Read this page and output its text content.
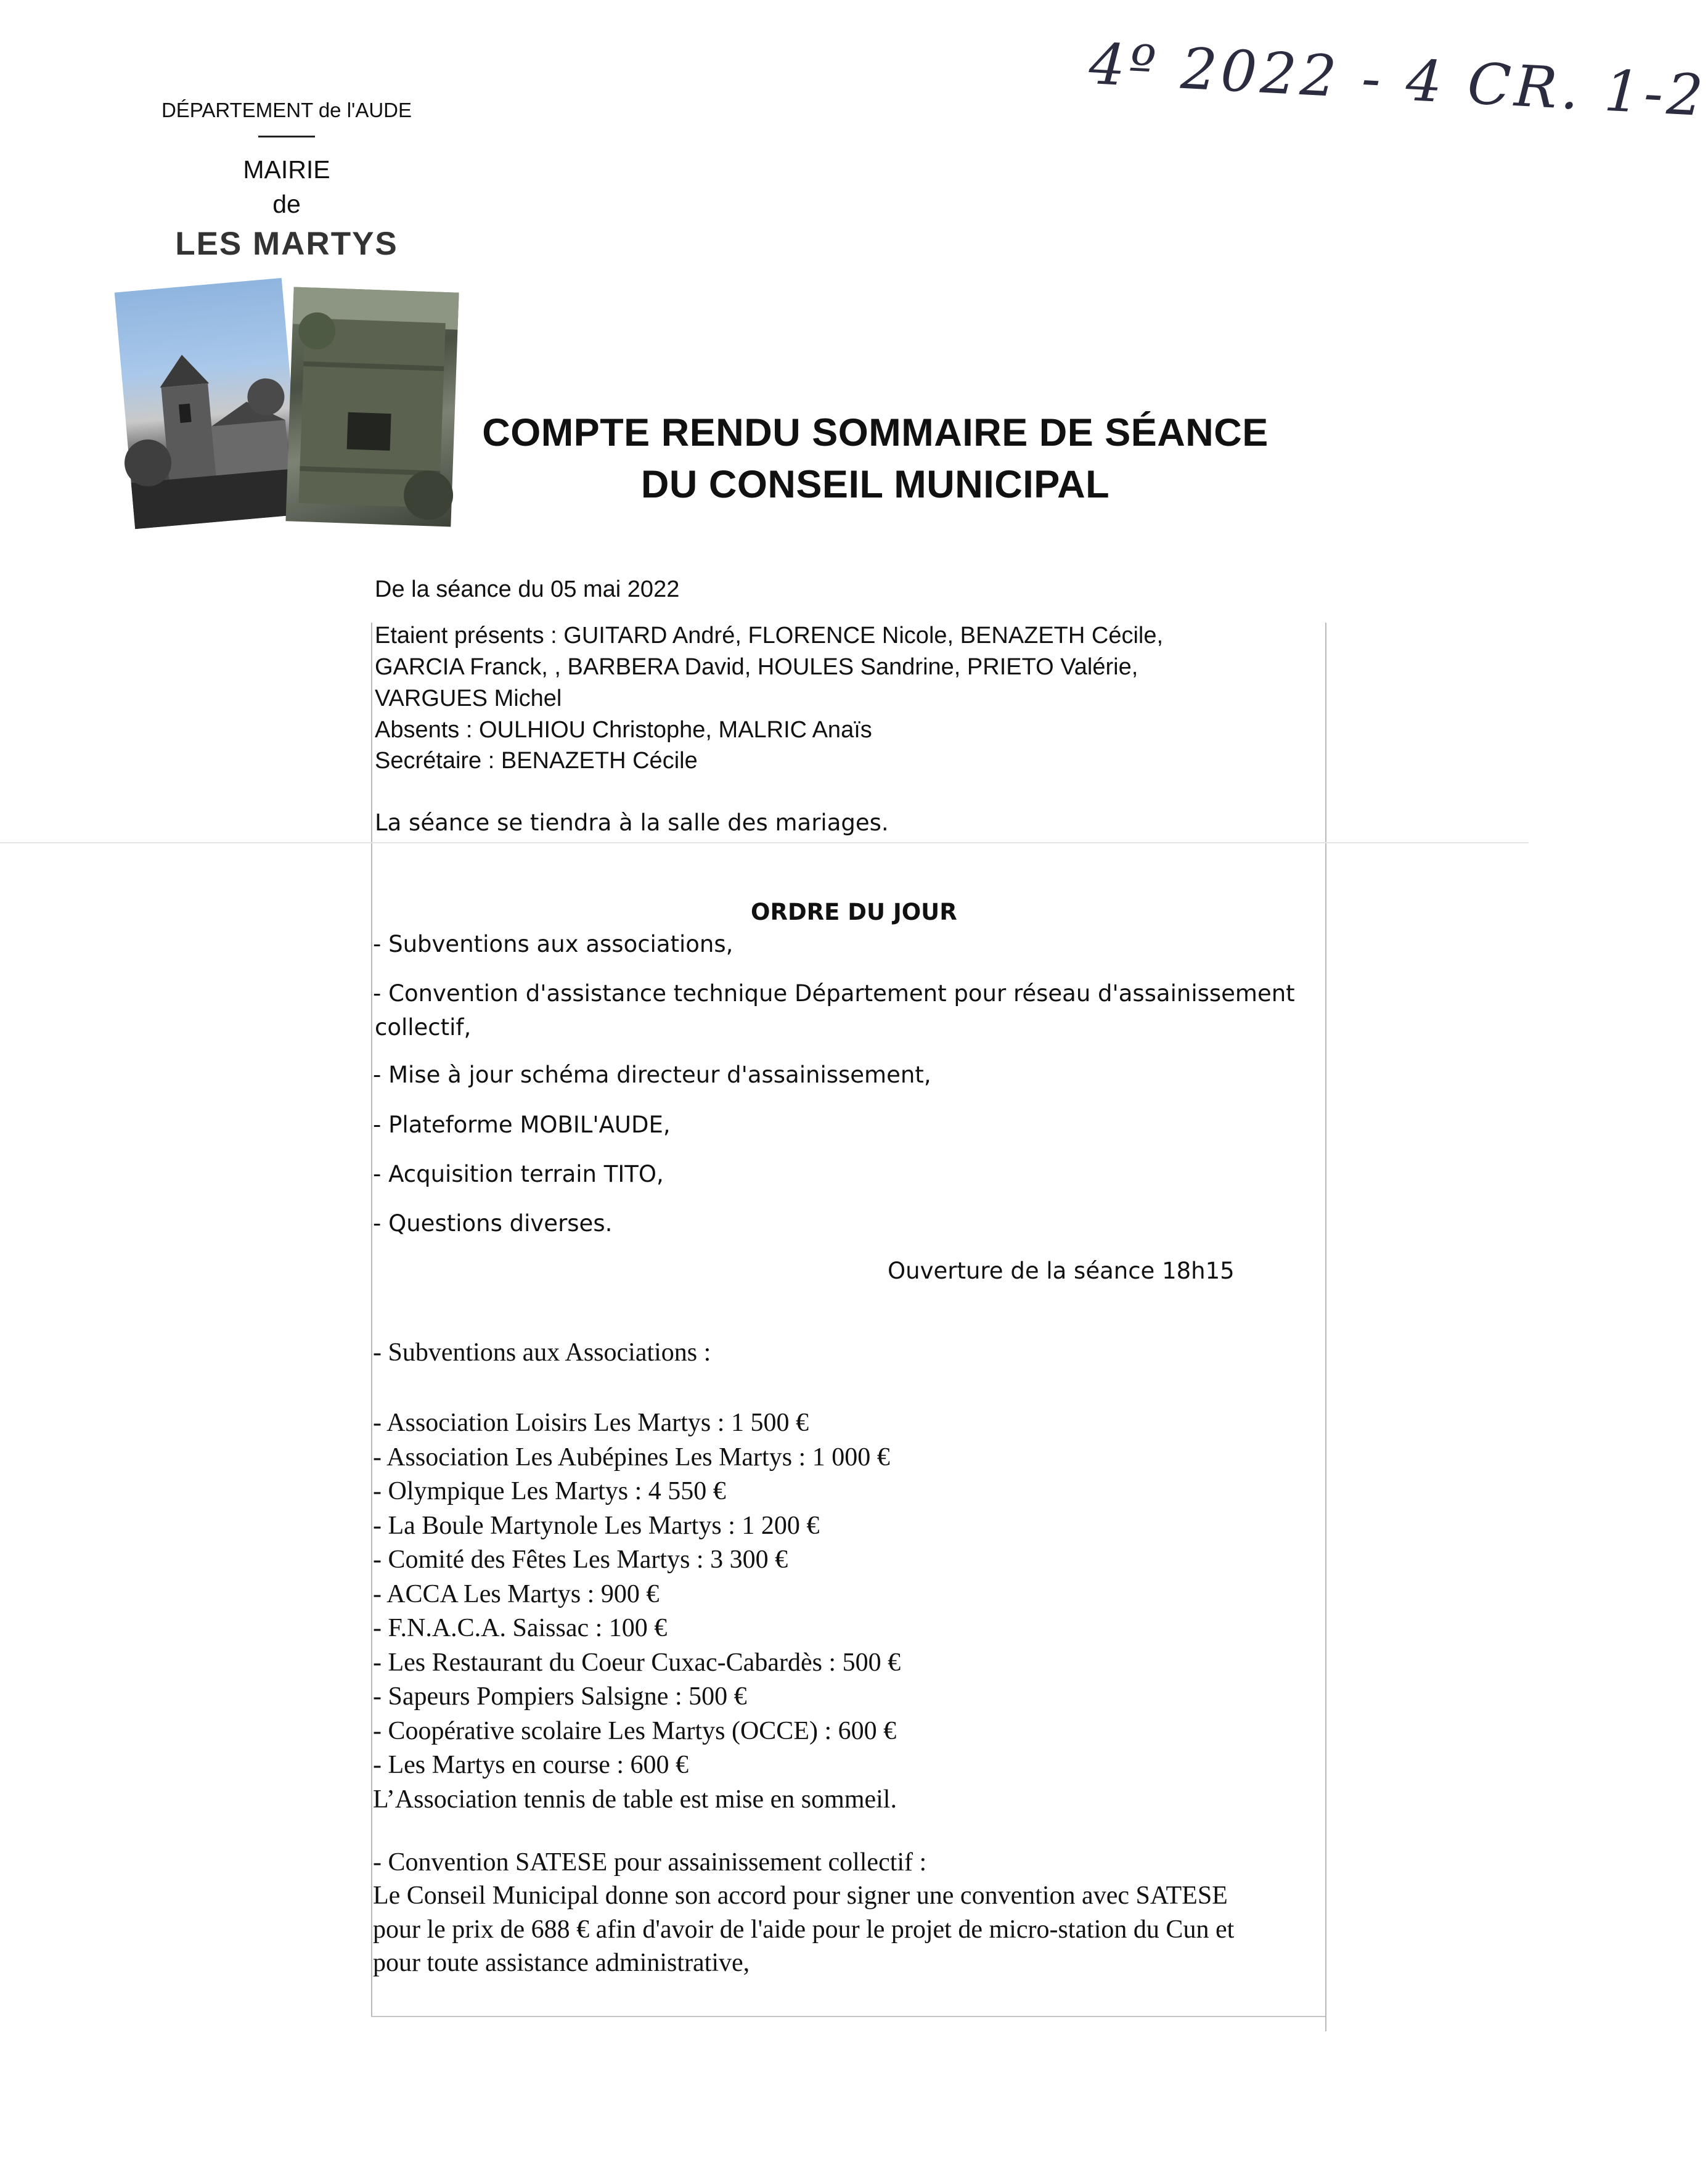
4º 2022 - 4 CR. 1-2
DÉPARTEMENT de l'AUDE
MAIRIE
de
LES MARTYS
COMPTE RENDU SOMMAIRE DE SÉANCE
DU CONSEIL MUNICIPAL
De la séance du 05 mai 2022
Etaient présents : GUITARD André, FLORENCE Nicole, BENAZETH Cécile,
GARCIA Franck, , BARBERA David, HOULES Sandrine, PRIETO Valérie,
VARGUES Michel
Absents : OULHIOU Christophe, MALRIC Anaïs
Secrétaire : BENAZETH Cécile
La séance se tiendra à la salle des mariages.
ORDRE DU JOUR
- Subventions aux associations,
- Convention d'assistance technique Département pour réseau d'assainissement
collectif,
- Mise à jour schéma directeur d'assainissement,
- Plateforme MOBIL'AUDE,
- Acquisition terrain TITO,
- Questions diverses.
Ouverture de la séance 18h15
- Subventions aux Associations :
- Association Loisirs Les Martys : 1 500 €
- Association Les Aubépines Les Martys : 1 000 €
- Olympique Les Martys : 4 550 €
- La Boule Martynole Les Martys : 1 200 €
- Comité des Fêtes Les Martys : 3 300 €
- ACCA Les Martys : 900 €
- F.N.A.C.A. Saissac : 100 €
- Les Restaurant du Coeur Cuxac-Cabardès : 500 €
- Sapeurs Pompiers Salsigne : 500 €
- Coopérative scolaire Les Martys (OCCE) : 600 €
- Les Martys en course : 600 €
L’Association tennis de table est mise en sommeil.
- Convention SATESE pour assainissement collectif :
Le Conseil Municipal donne son accord pour signer une convention avec SATESE
pour le prix de 688 € afin d'avoir de l'aide pour le projet de micro-station du Cun et
pour toute assistance administrative,
